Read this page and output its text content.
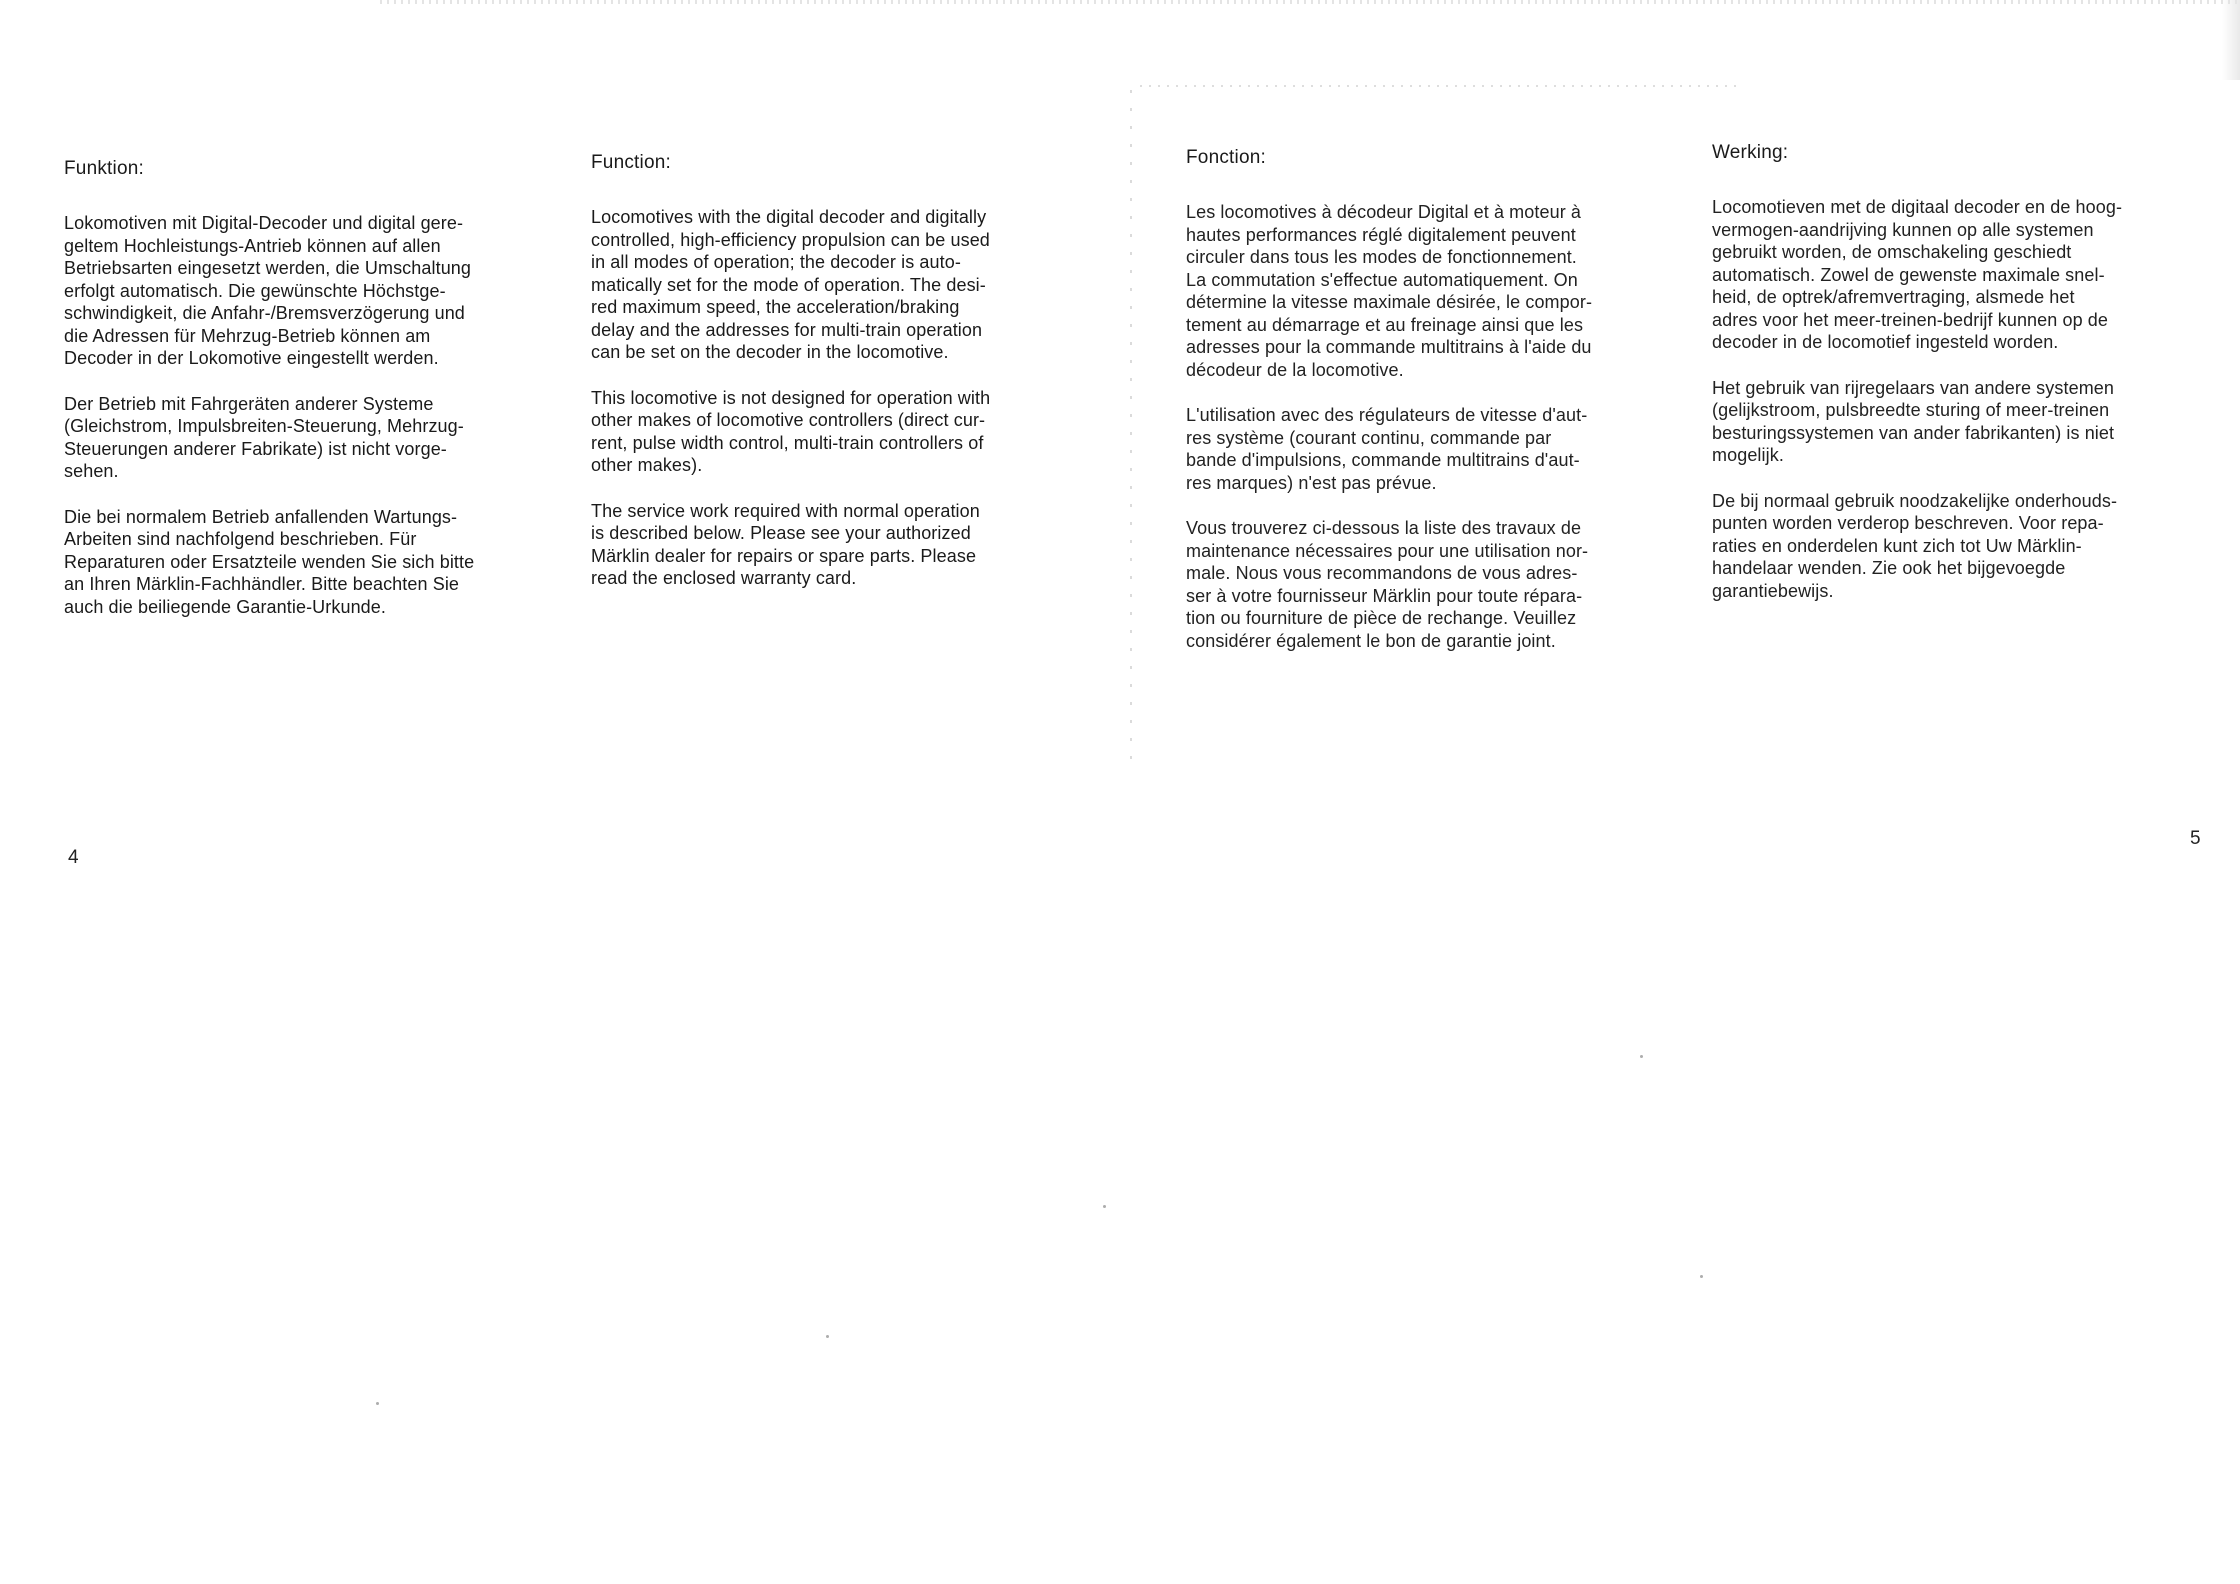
Funktion:

Lokomotiven mit Digital-Decoder und digital gere-
geltem Hochleistungs-Antrieb können auf allen
Betriebsarten eingesetzt werden, die Umschaltung
erfolgt automatisch. Die gewünschte Höchstge-
schwindigkeit, die Anfahr-/Bremsverzögerung und
die Adressen für Mehrzug-Betrieb können am
Decoder in der Lokomotive eingestellt werden.

Der Betrieb mit Fahrgeräten anderer Systeme
(Gleichstrom, Impulsbreiten-Steuerung, Mehrzug-
Steuerungen anderer Fabrikate) ist nicht vorge-
sehen.

Die bei normalem Betrieb anfallenden Wartungs-
Arbeiten sind nachfolgend beschrieben. Für
Reparaturen oder Ersatzteile wenden Sie sich bitte
an Ihren Märklin-Fachhändler. Bitte beachten Sie
auch die beiliegende Garantie-Urkunde.

Function:

Locomotives with the digital decoder and digitally
controlled, high-efficiency propulsion can be used
in all modes of operation; the decoder is auto-
matically set for the mode of operation. The desi-
red maximum speed, the acceleration/braking
delay and the addresses for multi-train operation
can be set on the decoder in the locomotive.

This locomotive is not designed for operation with
other makes of locomotive controllers (direct cur-
rent, pulse width control, multi-train controllers of
other makes).

The service work required with normal operation
is described below. Please see your authorized
Märklin dealer for repairs or spare parts. Please
read the enclosed warranty card.

Fonction:

Les locomotives à décodeur Digital et à moteur à
hautes performances réglé digitalement peuvent
circuler dans tous les modes de fonctionnement.
La commutation s'effectue automatiquement. On
détermine la vitesse maximale désirée, le compor-
tement au démarrage et au freinage ainsi que les
adresses pour la commande multitrains à l'aide du
décodeur de la locomotive.

L'utilisation avec des régulateurs de vitesse d'aut-
res système (courant continu, commande par
bande d'impulsions, commande multitrains d'aut-
res marques) n'est pas prévue.

Vous trouverez ci-dessous la liste des travaux de
maintenance nécessaires pour une utilisation nor-
male. Nous vous recommandons de vous adres-
ser à votre fournisseur Märklin pour toute répara-
tion ou fourniture de pièce de rechange. Veuillez
considérer également le bon de garantie joint.

Werking:

Locomotieven met de digitaal decoder en de hoog-
vermogen-aandrijving kunnen op alle systemen
gebruikt worden, de omschakeling geschiedt
automatisch. Zowel de gewenste maximale snel-
heid, de optrek/afremvertraging, alsmede het
adres voor het meer-treinen-bedrijf kunnen op de
decoder in de locomotief ingesteld worden.

Het gebruik van rijregelaars van andere systemen
(gelijkstroom, pulsbreedte sturing of meer-treinen
besturingssystemen van ander fabrikanten) is niet
mogelijk.

De bij normaal gebruik noodzakelijke onderhouds-
punten worden verderop beschreven. Voor repa-
raties en onderdelen kunt zich tot Uw Märklin-
handelaar wenden. Zie ook het bijgevoegde
garantiebewijs.

4
5
